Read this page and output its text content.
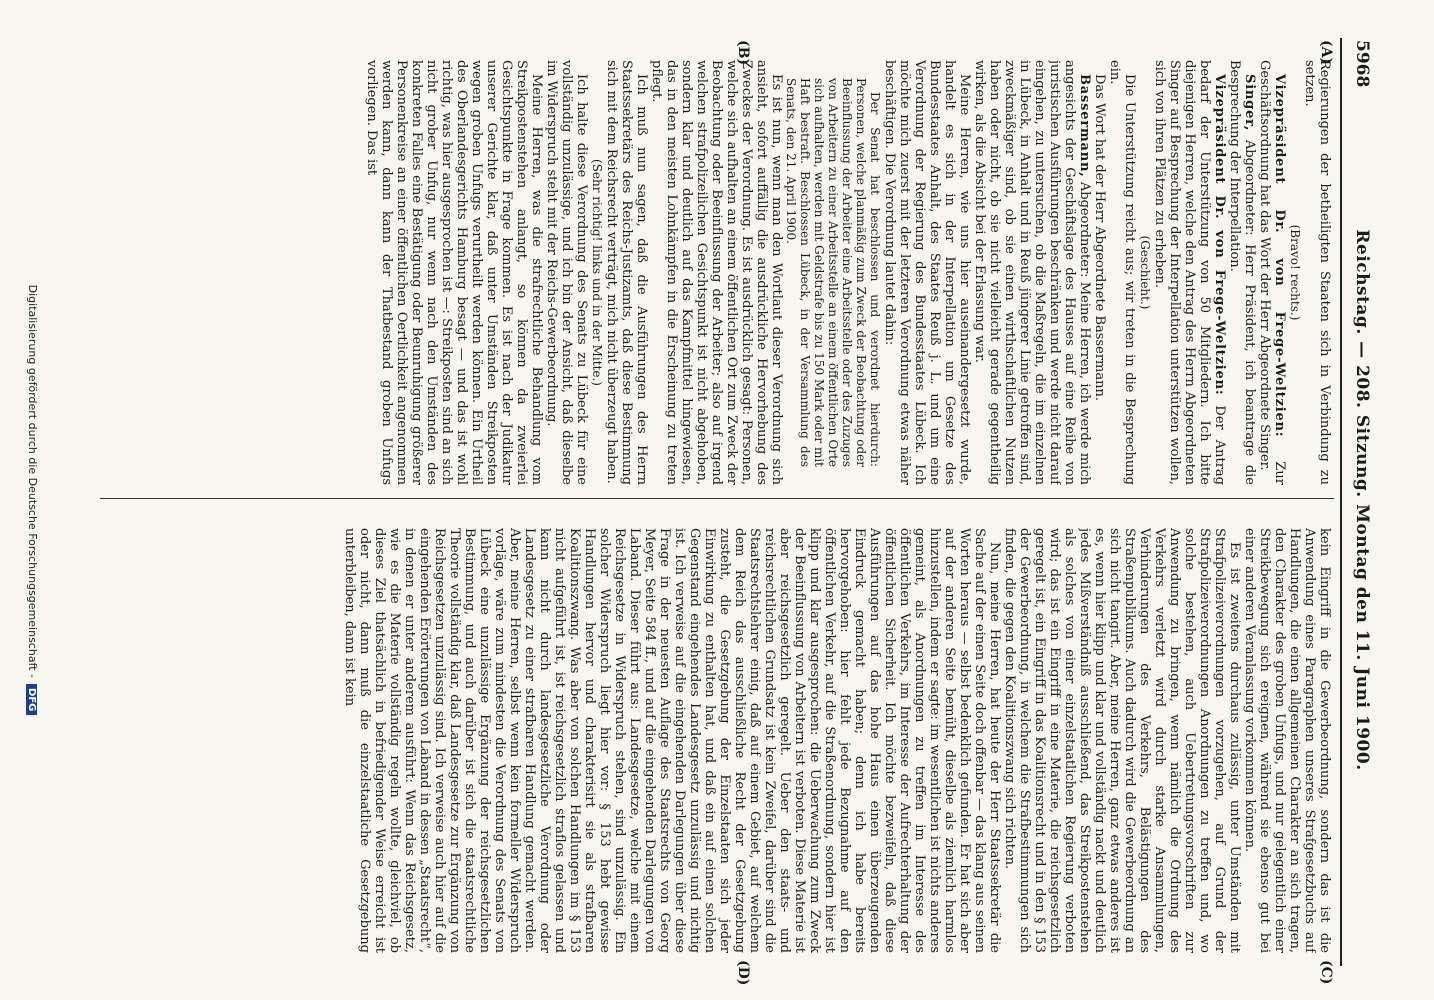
5968
Reichstag. — 208. Sitzung. Montag den 11. Juni 1900.
(A)
(B)
(C)
(D)

Regierungen der betheiligten Staaten sich in Verbindung zu setzen.

(Bravo! rechts.)

Vizepräsident Dr. von Frege-Weltzien: Zur Geschäftsordnung hat das Wort der Herr Abgeordnete Singer.

Singer, Abgeordneter: Herr Präsident, ich beantrage die Besprechung der Interpellation.

Vizepräsident Dr. von Frege-Weltzien: Der Antrag bedarf der Unterstützung von 50 Mitgliedern. Ich bitte diejenigen Herren, welche den Antrag des Herrn Abgeordneten Singer auf Besprechung der Interpellation unterstützen wollen, sich von ihren Plätzen zu erheben.

(Geschieht.)

Die Unterstützung reicht aus; wir treten in die Besprechung ein.

Das Wort hat der Herr Abgeordnete Bassermann.

Bassermann, Abgeordneter: Meine Herren, ich werde mich angesichts der Geschäftslage des Hauses auf eine Reihe von juristischen Ausführungen beschränken und werde nicht darauf eingehen, zu untersuchen, ob die Maßregeln, die im einzelnen in Lübeck, in Anhalt und in Reuß jüngerer Linie getroffen sind, zweckmäßiger sind, ob sie einen wirthschaftlichen Nutzen haben oder nicht, ob sie nicht vielleicht gerade gegentheilig wirken, als die Absicht bei der Erlassung war.

Meine Herren, wie uns hier auseinandergesetzt wurde, handelt es sich in der Interpellation um Gesetze des Bundesstaates Anhalt, des Staates Reuß j. L. und um eine Verordnung der Regierung des Bundesstaates Lübeck. Ich möchte mich zuerst mit der letzteren Verordnung etwas näher beschäftigen. Die Verordnung lautet dahin:

Der Senat hat beschlossen und verordnet hierdurch: Personen, welche planmäßig zum Zweck der Beobachtung oder Beeinflussung der Arbeiter eine Arbeitsstelle oder des Zuzuges von Arbeitern zu einer Arbeitsstelle an einem öffentlichen Orte sich aufhalten, werden mit Geldstrafe bis zu 150 Mark oder mit Haft bestraft. Beschlossen Lübeck, in der Versammlung des Senats, den 21. April 1900.

Es ist nun, wenn man den Wortlaut dieser Verordnung sich ansieht, sofort auffällig die ausdrückliche Hervorhebung des Zweckes der Verordnung. Es ist ausdrücklich gesagt: Personen, welche sich aufhalten an einem öffentlichen Ort zum Zweck der Beobachtung oder Beeinflussung der Arbeiter; also auf irgend welchen strafpolizeilichen Gesichtspunkt ist nicht abgehoben, sondern klar und deutlich auf das Kampfmittel hingewiesen, das in den meisten Lohnkämpfen in die Erscheinung zu treten pflegt.

Ich muß nun sagen, daß die Ausführungen des Herrn Staatssekretärs des Reichs-Justizamts, daß diese Bestimmung sich mit dem Reichsrecht verträgt, mich nicht überzeugt haben.

(Sehr richtig! links und in der Mitte.)

Ich halte diese Verordnung des Senats zu Lübeck für eine vollständig unzulässige, und ich bin der Ansicht, daß dieselbe im Widerspruch steht mit der Reichs-Gewerbeordnung.

Meine Herren, was die strafrechtliche Behandlung vom Streikpostenstehen anlangt, so können da zweierlei Gesichtspunkte in Frage kommen. Es ist nach der Judikatur unserer Gerichte klar, daß unter Umständen Streikposten wegen groben Unfugs verurtheilt werden können. Ein Urtheil des Oberlandesgerichts Hamburg besagt — und das ist wohl richtig, was hier ausgesprochen ist —: Streikposten sind an sich nicht grober Unfug, nur wenn nach den Umständen des konkreten Falles eine Bestätigung oder Beunruhigung größerer Personenkreise an einer öffentlichen Oertlichkeit angenommen werden kann, dann kann der Thatbestand groben Unfugs vorliegen. Das ist

kein Eingriff in die Gewerbeordnung, sondern das ist die Anwendung eines Paragraphen unseres Strafgesetzbuchs auf Handlungen, die einen allgemeinen Charakter an sich tragen, den Charakter des groben Unfugs, und nur gelegentlich einer Streikbewegung sich ereignen, während sie ebenso gut bei einer anderen Veranlassung vorkommen können.

Es ist zweitens durchaus zulässig, unter Umständen mit Strafpolizeiverordnungen vorzugehen, auf Grund der Strafpolizeiverordnungen Anordnungen zu treffen und, wo solche bestehen, auch Uebertretungsvorschriften zur Anwendung zu bringen, wenn nämlich die Ordnung des Verkehrs verletzt wird durch starke Ansammlungen, Verhinderungen des Verkehrs, Belästigungen des Straßenpublikums. Auch dadurch wird die Gewerbeordnung an sich nicht tangirt. Aber, meine Herren, ganz etwas anderes ist es, wenn hier klipp und klar und vollständig nackt und deutlich jedes Mißverständniß ausschließend, das Streikpostenstehen als solches von einer einzelstaatlichen Regierung verboten wird; das ist ein Eingriff in eine Materie, die reichsgesetzlich geregelt ist, ein Eingriff in das Koalitionsrecht und in den § 153 der Gewerbeordnung, in welchem die Strafbestimmungen sich finden, die gegen den Koalitionszwang sich richten.

Nun, meine Herren, hat heute der Herr Staatssekretär die Sache auf der einen Seite doch offenbar — das klang aus seinen Worten heraus — selbst bedenklich gefunden. Er hat sich aber auf der anderen Seite bemüht, dieselbe als ziemlich harmlos hinzustellen, indem er sagte: im wesentlichen ist nichts anderes gemeint, als Anordnungen zu treffen im Interesse des öffentlichen Verkehrs, im Interesse der Aufrechterhaltung der öffentlichen Sicherheit. Ich möchte bezweifeln, daß diese Ausführungen auf das hohe Haus einen überzeugenden Eindruck gemacht haben; denn ich habe bereits hervorgehoben: hier fehlt jede Bezugnahme auf den öffentlichen Verkehr, auf die Straßenordnung, sondern hier ist klipp und klar ausgesprochen: die Ueberwachung zum Zweck der Beeinflussung von Arbeitern ist verboten. Diese Materie ist aber reichsgesetzlich geregelt. Ueber den staats- und reichsrechtlichen Grundsatz ist kein Zweifel, darüber sind die Staatsrechtslehrer einig, daß auf einem Gebiet, auf welchem dem Reich das ausschließliche Recht der Gesetzgebung zusteht, die Gesetzgebung der Einzelstaaten sich jeder Einwirkung zu enthalten hat, und daß ein auf einen solchen Gegenstand eingehendes Landesgesetz unzulässig und nichtig ist. Ich verweise auf die eingehenden Darlegungen über diese Frage in der neuesten Auflage des Staatsrechts von Georg Meyer, Seite 584 ff., und auf die eingehenden Darlegungen von Laband. Dieser führt aus: Landesgesetze, welche mit einem Reichsgesetze in Widerspruch stehen, sind unzulässig. Ein solcher Widerspruch liegt hier vor: § 153 hebt gewisse Handlungen hervor und charakterisirt sie als strafbaren Koalitionszwang. Was aber von solchen Handlungen im § 153 nicht aufgeführt ist, ist reichsgesetzlich straflos gelassen und kann nicht durch landesgesetzliche Verordnung oder Landesgesetz zu einer strafbaren Handlung gemacht werden. Aber, meine Herren, selbst wenn kein formeller Widerspruch vorläge, wäre zum mindesten die Verordnung des Senats von Lübeck eine unzulässige Ergänzung der reichsgesetzlichen Bestimmung, und auch darüber ist sich die staatsrechtliche Theorie vollständig klar, daß Landesgesetze zur Ergänzung von Reichsgesetzen unzulässig sind. Ich verweise auch hier auf die eingehenden Erörterungen von Laband in dessen „Staatsrecht“, in denen er unter anderem ausführt: Wenn das Reichsgesetz, wie es die Materie vollständig regeln wollte, gleichviel, ob dieses Ziel thatsächlich in befriedigender Weise erreicht ist oder nicht, dann muß die einzelstaatliche Gesetzgebung unterbleiben, dann ist kein

Digitalisierung gefördert durch die Deutsche Forschungsgemeinschaft -DFG
